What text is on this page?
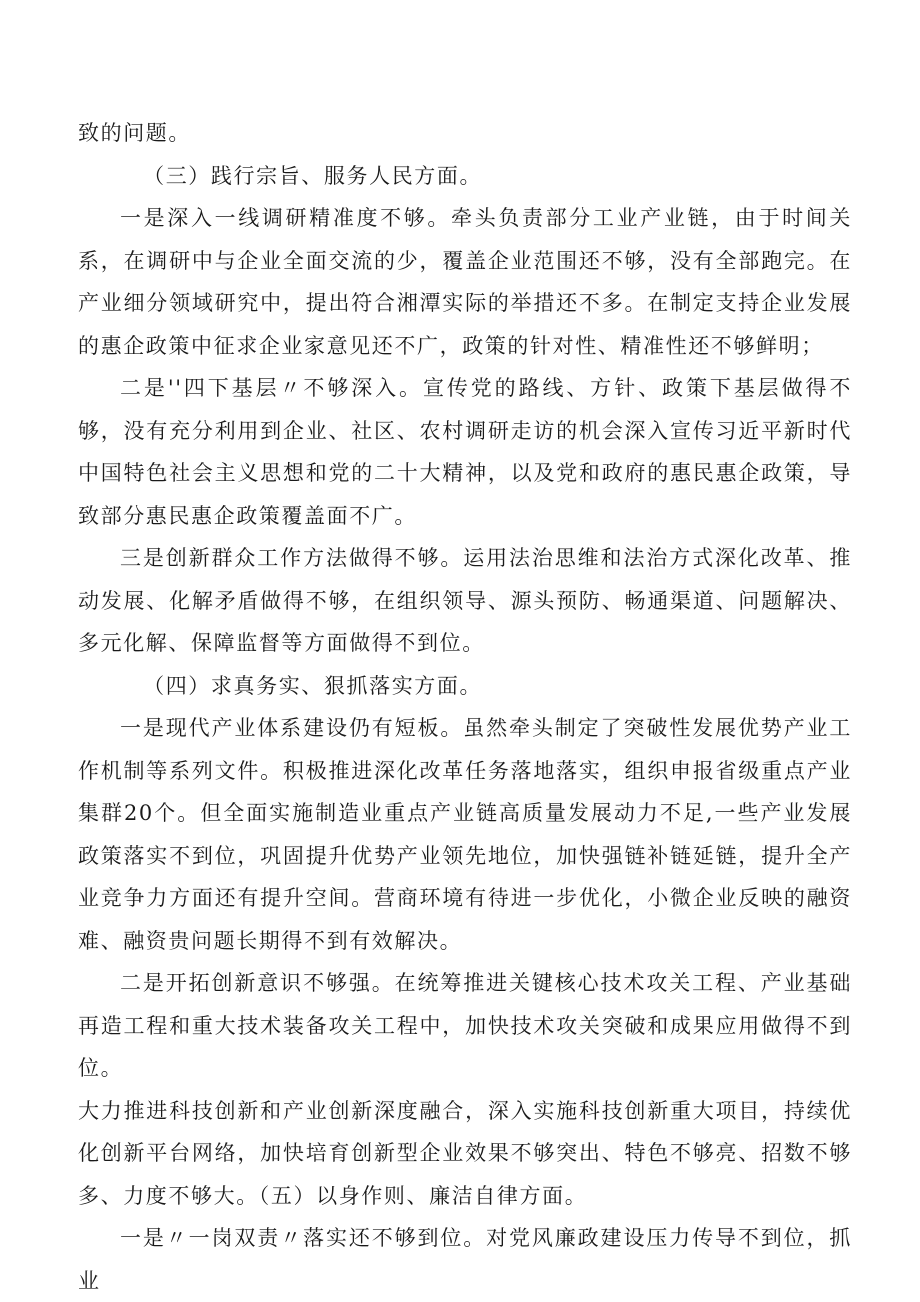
致的问题。

（三）践行宗旨、服务人民方面。

一是深入一线调研精准度不够。牵头负责部分工业产业链，由于时间关系，在调研中与企业全面交流的少，覆盖企业范围还不够，没有全部跑完。在产业细分领域研究中，提出符合湘潭实际的举措还不多。在制定支持企业发展的惠企政策中征求企业家意见还不广，政策的针对性、精准性还不够鲜明；

二是''四下基层〃不够深入。宣传党的路线、方针、政策下基层做得不够，没有充分利用到企业、社区、农村调研走访的机会深入宣传习近平新时代中国特色社会主义思想和党的二十大精神，以及党和政府的惠民惠企政策，导致部分惠民惠企政策覆盖面不广。

三是创新群众工作方法做得不够。运用法治思维和法治方式深化改革、推动发展、化解矛盾做得不够，在组织领导、源头预防、畅通渠道、问题解决、多元化解、保障监督等方面做得不到位。

（四）求真务实、狠抓落实方面。

一是现代产业体系建设仍有短板。虽然牵头制定了突破性发展优势产业工作机制等系列文件。积极推进深化改革任务落地落实，组织申报省级重点产业集群20个。但全面实施制造业重点产业链高质量发展动力不足,一些产业发展政策落实不到位，巩固提升优势产业领先地位，加快强链补链延链，提升全产业竞争力方面还有提升空间。营商环境有待进一步优化，小微企业反映的融资难、融资贵问题长期得不到有效解决。

二是开拓创新意识不够强。在统筹推进关键核心技术攻关工程、产业基础再造工程和重大技术装备攻关工程中，加快技术攻关突破和成果应用做得不到位。

大力推进科技创新和产业创新深度融合，深入实施科技创新重大项目，持续优化创新平台网络，加快培育创新型企业效果不够突出、特色不够亮、招数不够多、力度不够大。（五）以身作则、廉洁自律方面。

一是〃一岗双责〃落实还不够到位。对党风廉政建设压力传导不到位，抓业
